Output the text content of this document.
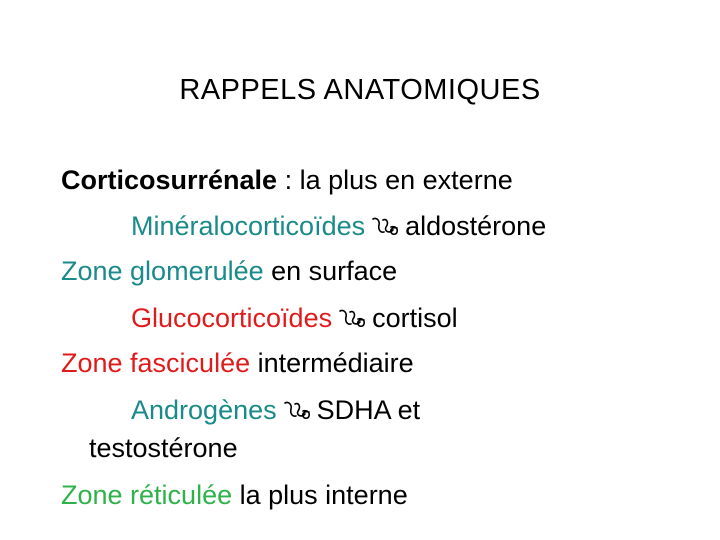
RAPPELS ANATOMIQUES
Corticosurrénale : la plus en externe
Minéralocorticoïdes aldostérone
Zone glomerulée en surface
Glucocorticoïdes cortisol
Zone fasciculée intermédiaire
Androgènes SDHA et
testostérone
Zone réticulée la plus interne
